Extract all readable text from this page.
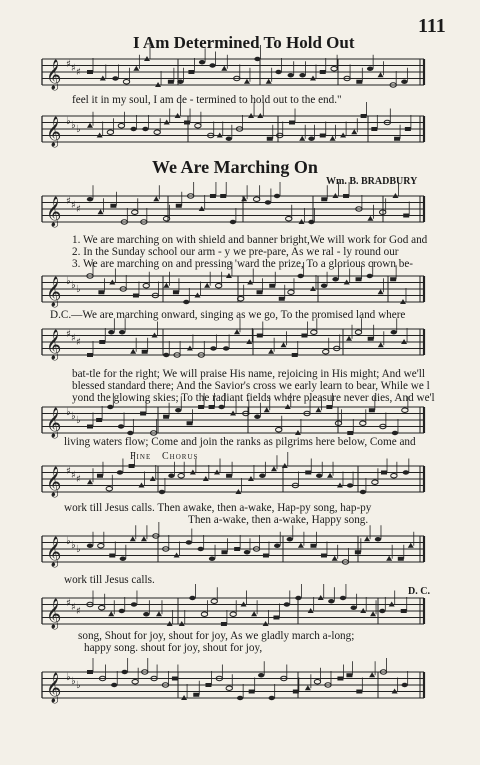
111
I Am Determined To Hold Out
𝄞 ♯ ♯ ♯
feel it in my soul, I am de - termined to hold out to the end."
𝄞 ♭ ♭ ♭
We Are Marching On
Wm. B. BRADBURY
𝄞 ♯ ♯ ♯
1. We are marching on with shield and banner bright,We will work for God and
2. In the Sunday school our arm - y we pre-pare, As we ral - ly round our
3. We are marching on and pressing 'ward the prize, To a glorious crown be-
𝄞 ♭ ♭ ♭
D.C.—We are marching onward, singing as we go, To the promised land where
𝄞 ♯ ♯ ♯
bat-tle for the right; We will praise His name, rejoicing in His might; And we'll
blessed standard there; And the Savior's cross we early learn to bear, While we l
yond the glowing skies; To the radiant fields where pleasure never dies, And we'l
𝄞 ♭ ♭ ♭
living waters flow; Come and join the ranks as pilgrims here below, Come and
Fine Chorus
𝄞 ♯ ♯ ♯
work till Jesus calls. Then awake, then a-wake, Hap-py song, hap-py
Then a-wake, then a-wake, Happy song.
𝄞 ♭ ♭ ♭
work till Jesus calls.
D. C.
𝄞 ♯ ♯ ♯
song, Shout for joy, shout for joy, As we gladly march a-long;
happy song. shout for joy, shout for joy,
𝄞 ♭ ♭ ♭
